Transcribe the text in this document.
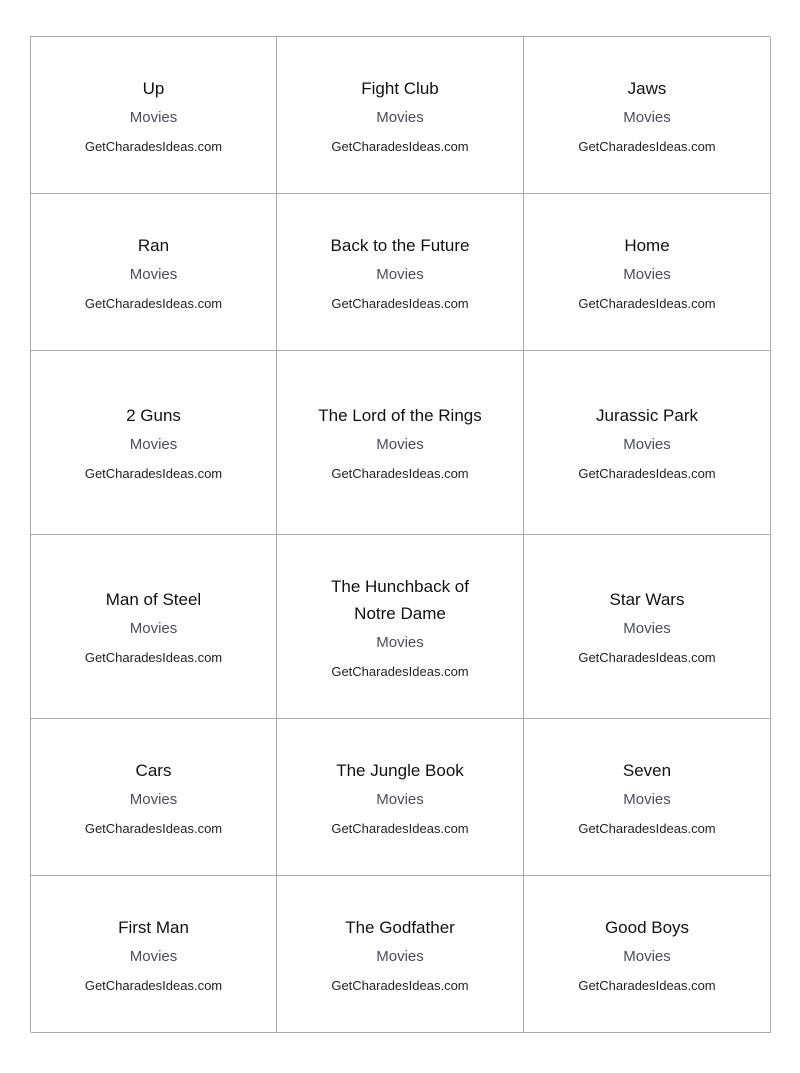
Up
Movies
GetCharadesIdeas.com
Fight Club
Movies
GetCharadesIdeas.com
Jaws
Movies
GetCharadesIdeas.com
Ran
Movies
GetCharadesIdeas.com
Back to the Future
Movies
GetCharadesIdeas.com
Home
Movies
GetCharadesIdeas.com
2 Guns
Movies
GetCharadesIdeas.com
The Lord of the Rings
Movies
GetCharadesIdeas.com
Jurassic Park
Movies
GetCharadesIdeas.com
Man of Steel
Movies
GetCharadesIdeas.com
The Hunchback of Notre Dame
Movies
GetCharadesIdeas.com
Star Wars
Movies
GetCharadesIdeas.com
Cars
Movies
GetCharadesIdeas.com
The Jungle Book
Movies
GetCharadesIdeas.com
Seven
Movies
GetCharadesIdeas.com
First Man
Movies
GetCharadesIdeas.com
The Godfather
Movies
GetCharadesIdeas.com
Good Boys
Movies
GetCharadesIdeas.com
